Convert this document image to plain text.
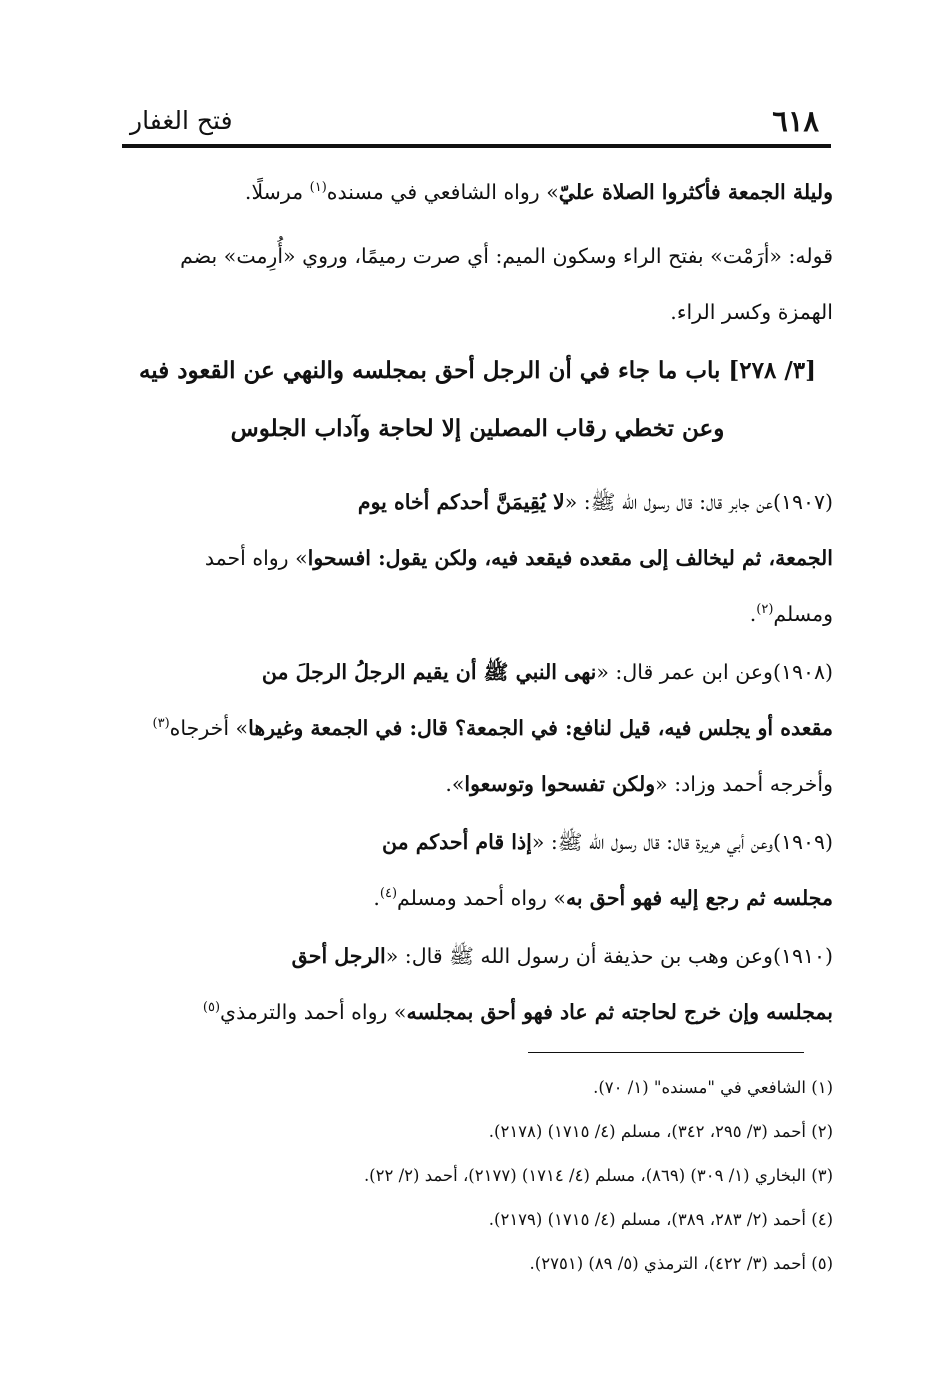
٦١٨
فتح الغفار
وليلة الجمعة فأكثروا الصلاة عليّ» رواه الشافعي في مسنده$^{(١)}$ مرسلًا.
قوله: «أرَمْت» بفتح الراء وسكون الميم: أي صرت رميمًا، وروي «أُرِمت» بضم
الهمزة وكسر الراء.
[٣/ ٢٧٨] باب ما جاء في أن الرجل أحق بمجلسه والنهي عن القعود فيه
وعن تخطي رقاب المصلين إلا لحاجة وآداب الجلوس
(١٩٠٧)عن جابر قال: قال رسول الله ﷺ: «لا يُقِيمَنَّ أحدكم أخاه يوم
الجمعة، ثم ليخالف إلى مقعده فيقعد فيه، ولكن يقول: افسحوا» رواه أحمد
ومسلم$^{(٢)}$.
(١٩٠٨)وعن ابن عمر قال: «نهى النبي ﷺ أن يقيم الرجلُ الرجلَ من
مقعده أو يجلس فيه، قيل لنافع: في الجمعة؟ قال: في الجمعة وغيرها» أخرجاه$^{(٣)}$
وأخرجه أحمد وزاد: «ولكن تفسحوا وتوسعوا».
(١٩٠٩)وعن أبي هريرة قال: قال رسول الله ﷺ: «إذا قام أحدكم من
مجلسه ثم رجع إليه فهو أحق به» رواه أحمد ومسلم$^{(٤)}$.
(١٩١٠)وعن وهب بن حذيفة أن رسول الله ﷺ قال: «الرجل أحق
بمجلسه وإن خرج لحاجته ثم عاد فهو أحق بمجلسه» رواه أحمد والترمذي$^{(٥)}$
(١) الشافعي في "مسنده" (١/ ٧٠).
(٢) أحمد (٣/ ٢٩٥، ٣٤٢)، مسلم (٤/ ١٧١٥) (٢١٧٨).
(٣) البخاري (١/ ٣٠٩) (٨٦٩)، مسلم (٤/ ١٧١٤) (٢١٧٧)، أحمد (٢/ ٢٢).
(٤) أحمد (٢/ ٢٨٣، ٣٨٩)، مسلم (٤/ ١٧١٥) (٢١٧٩).
(٥) أحمد (٣/ ٤٢٢)، الترمذي (٥/ ٨٩) (٢٧٥١).
